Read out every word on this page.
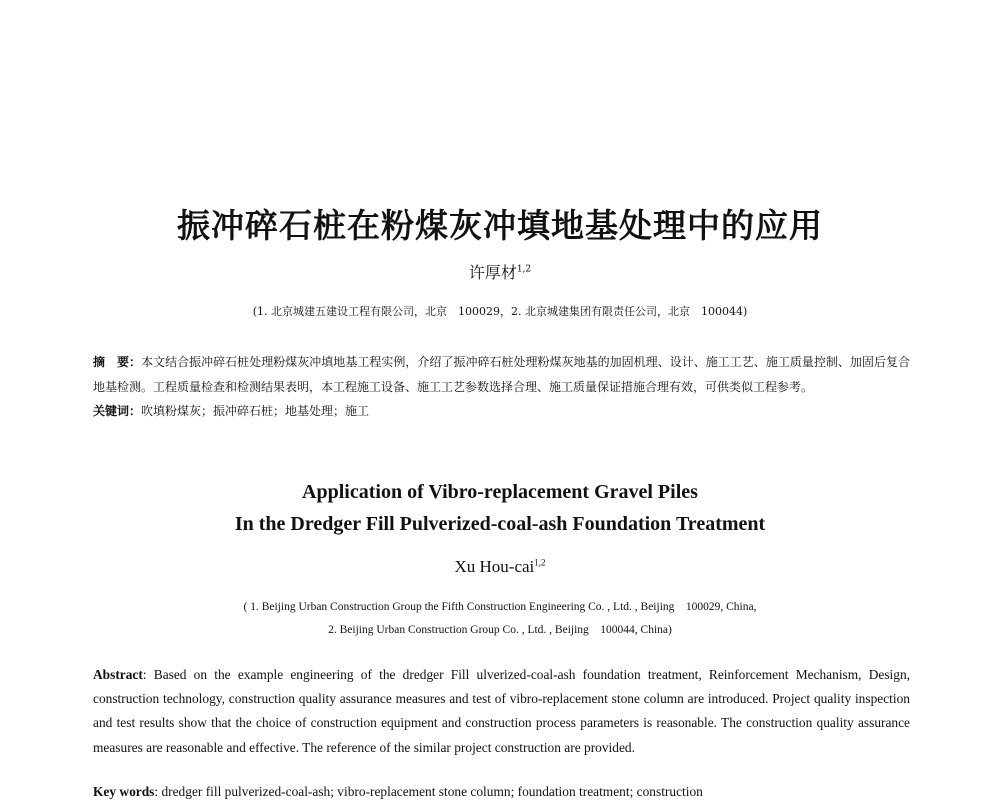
振冲碎石桩在粉煤灰冲填地基处理中的应用
许厚材$^{1,2}$
(1. 北京城建五建设工程有限公司，北京　100029，2. 北京城建集团有限责任公司，北京　100044)
摘　要：本文结合振冲碎石桩处理粉煤灰冲填地基工程实例，介绍了振冲碎石桩处理粉煤灰地基的加固机理、设计、施工工艺、施工质量控制、加固后复合地基检测。工程质量检查和检测结果表明，本工程施工设备、施工工艺参数选择合理、施工质量保证措施合理有效，可供类似工程参考。
关键词：吹填粉煤灰；振冲碎石桩；地基处理；施工
Application of Vibro-replacement Gravel Piles
In the Dredger Fill Pulverized-coal-ash Foundation Treatment
Xu Hou-cai$^{1,2}$
( 1. Beijing Urban Construction Group the Fifth Construction Engineering Co. , Ltd. , Beijing　100029, China,
2. Beijing Urban Construction Group Co. , Ltd. , Beijing　100044, China)
Abstract: Based on the example engineering of the dredger Fill ulverized-coal-ash foundation treatment, Reinforcement Mechanism, Design, construction technology, construction quality assurance measures and test of vibro-replacement stone column are introduced. Project quality inspection and test results show that the choice of construction equipment and construction process parameters is reasonable. The construction quality assurance measures are reasonable and effective. The reference of the similar project construction are provided.
Key words: dredger fill pulverized-coal-ash; vibro-replacement stone column; foundation treatment; construction
